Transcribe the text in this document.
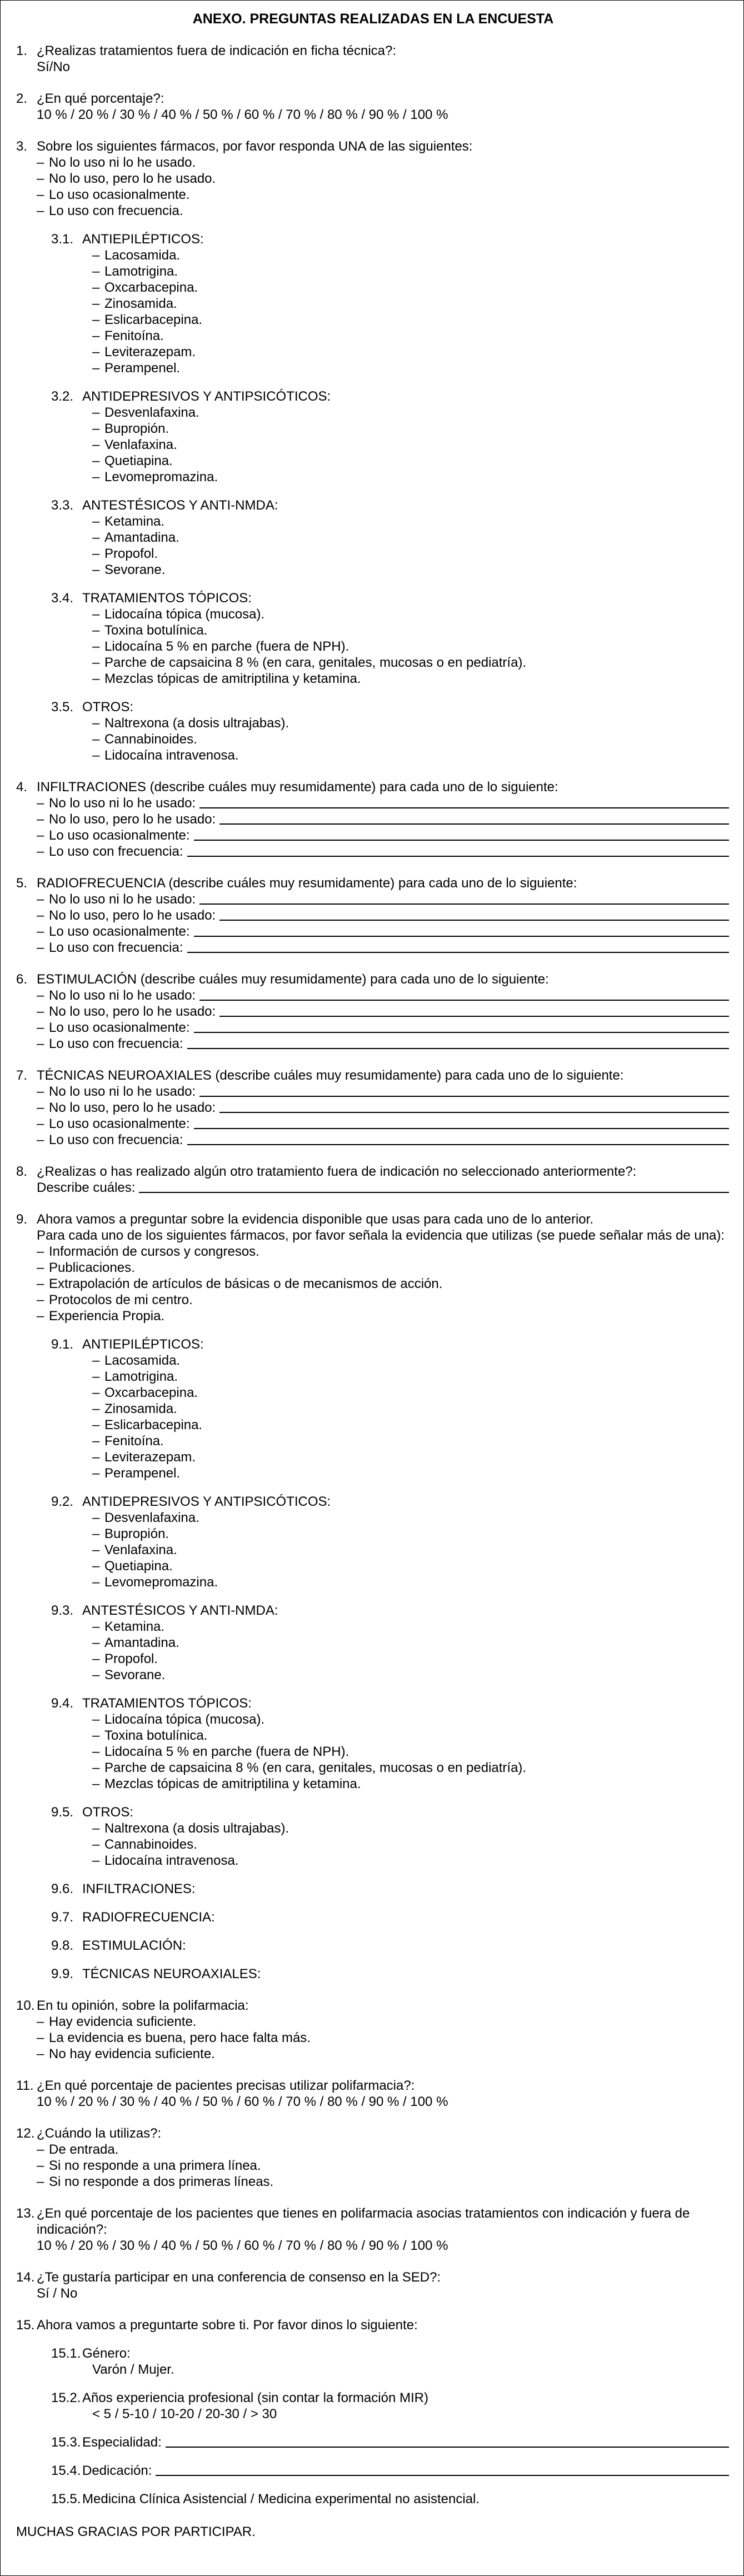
ANEXO. PREGUNTAS REALIZADAS EN LA ENCUESTA
1. ¿Realizas tratamientos fuera de indicación en ficha técnica?:
Sí/No
2. ¿En qué porcentaje?:
10 % / 20 % / 30 % / 40 % / 50 % / 60 % / 70 % / 80 % / 90 % / 100 %
3. Sobre los siguientes fármacos, por favor responda UNA de las siguientes:
– No lo uso ni lo he usado.
– No lo uso, pero lo he usado.
– Lo uso ocasionalmente.
– Lo uso con frecuencia.
3.1. ANTIEPILÉPTICOS:
– Lacosamida.
– Lamotrigina.
– Oxcarbacepina.
– Zinosamida.
– Eslicarbacepina.
– Fenitoína.
– Leviterazepam.
– Perampenel.
3.2. ANTIDEPRESIVOS Y ANTIPSICÓTICOS:
– Desvenlafaxina.
– Bupropión.
– Venlafaxina.
– Quetiapina.
– Levomepromazina.
3.3. ANTESTÉSICOS Y ANTI-NMDA:
– Ketamina.
– Amantadina.
– Propofol.
– Sevorane.
3.4. TRATAMIENTOS TÓPICOS:
– Lidocaína tópica (mucosa).
– Toxina botulínica.
– Lidocaína 5 % en parche (fuera de NPH).
– Parche de capsaicina 8 % (en cara, genitales, mucosas o en pediatría).
– Mezclas tópicas de amitriptilina y ketamina.
3.5. OTROS:
– Naltrexona (a dosis ultrajabas).
– Cannabinoides.
– Lidocaína intravenosa.
4. INFILTRACIONES (describe cuáles muy resumidamente) para cada uno de lo siguiente:
– No lo uso ni lo he usado:
– No lo uso, pero lo he usado:
– Lo uso ocasionalmente:
– Lo uso con frecuencia:
5. RADIOFRECUENCIA (describe cuáles muy resumidamente) para cada uno de lo siguiente:
– No lo uso ni lo he usado:
– No lo uso, pero lo he usado:
– Lo uso ocasionalmente:
– Lo uso con frecuencia:
6. ESTIMULACIÓN (describe cuáles muy resumidamente) para cada uno de lo siguiente:
– No lo uso ni lo he usado:
– No lo uso, pero lo he usado:
– Lo uso ocasionalmente:
– Lo uso con frecuencia:
7. TÉCNICAS NEUROAXIALES (describe cuáles muy resumidamente) para cada uno de lo siguiente:
– No lo uso ni lo he usado:
– No lo uso, pero lo he usado:
– Lo uso ocasionalmente:
– Lo uso con frecuencia:
8. ¿Realizas o has realizado algún otro tratamiento fuera de indicación no seleccionado anteriormente?:
Describe cuáles:
9. Ahora vamos a preguntar sobre la evidencia disponible que usas para cada uno de lo anterior.
Para cada uno de los siguientes fármacos, por favor señala la evidencia que utilizas (se puede señalar más de una):
– Información de cursos y congresos.
– Publicaciones.
– Extrapolación de artículos de básicas o de mecanismos de acción.
– Protocolos de mi centro.
– Experiencia Propia.
9.1. ANTIEPILÉPTICOS:
– Lacosamida.
– Lamotrigina.
– Oxcarbacepina.
– Zinosamida.
– Eslicarbacepina.
– Fenitoína.
– Leviterazepam.
– Perampenel.
9.2. ANTIDEPRESIVOS Y ANTIPSICÓTICOS:
– Desvenlafaxina.
– Bupropión.
– Venlafaxina.
– Quetiapina.
– Levomepromazina.
9.3. ANTESTÉSICOS Y ANTI-NMDA:
– Ketamina.
– Amantadina.
– Propofol.
– Sevorane.
9.4. TRATAMIENTOS TÓPICOS:
– Lidocaína tópica (mucosa).
– Toxina botulínica.
– Lidocaína 5 % en parche (fuera de NPH).
– Parche de capsaicina 8 % (en cara, genitales, mucosas o en pediatría).
– Mezclas tópicas de amitriptilina y ketamina.
9.5. OTROS:
– Naltrexona (a dosis ultrajabas).
– Cannabinoides.
– Lidocaína intravenosa.
9.6. INFILTRACIONES:
9.7. RADIOFRECUENCIA:
9.8. ESTIMULACIÓN:
9.9. TÉCNICAS NEUROAXIALES:
10. En tu opinión, sobre la polifarmacia:
– Hay evidencia suficiente.
– La evidencia es buena, pero hace falta más.
– No hay evidencia suficiente.
11. ¿En qué porcentaje de pacientes precisas utilizar polifarmacia?:
10 % / 20 % / 30 % / 40 % / 50 % / 60 % / 70 % / 80 % / 90 % / 100 %
12. ¿Cuándo la utilizas?:
– De entrada.
– Si no responde a una primera línea.
– Si no responde a dos primeras líneas.
13. ¿En qué porcentaje de los pacientes que tienes en polifarmacia asocias tratamientos con indicación y fuera de indicación?:
10 % / 20 % / 30 % / 40 % / 50 % / 60 % / 70 % / 80 % / 90 % / 100 %
14. ¿Te gustaría participar en una conferencia de consenso en la SED?:
Sí / No
15. Ahora vamos a preguntarte sobre ti. Por favor dinos lo siguiente:
15.1. Género:
Varón / Mujer.
15.2. Años experiencia profesional (sin contar la formación MIR)
< 5 / 5-10 / 10-20 / 20-30 / > 30
15.3. Especialidad:
15.4. Dedicación:
15.5. Medicina Clínica Asistencial / Medicina experimental no asistencial.
MUCHAS GRACIAS POR PARTICIPAR.
